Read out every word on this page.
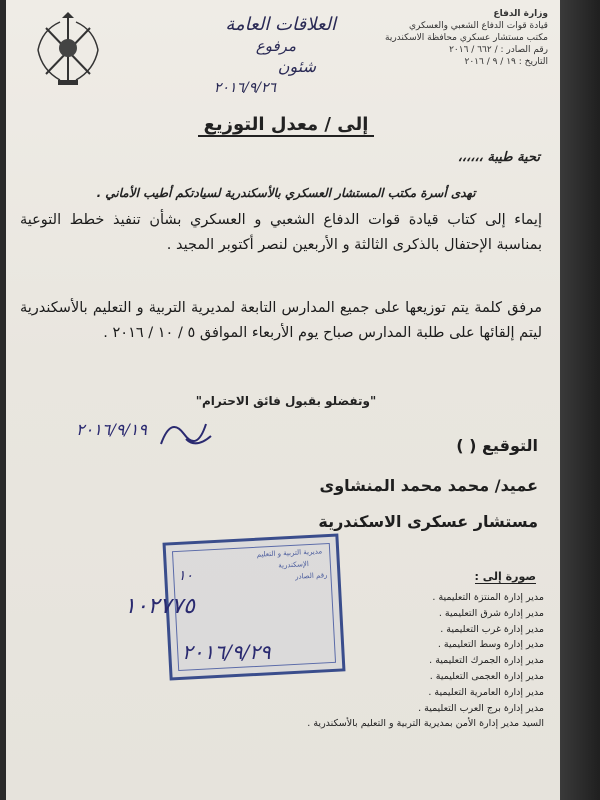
وزارة الدفاع
قيادة قوات الدفاع الشعبي والعسكري
مكتب مستشار عسكري محافظة الاسكندرية
رقم الصادر : / ٦٦٢ / ٢٠١٦
التاريخ : ١٩ / ٩ / ٢٠١٦
العلاقات العامة
مرفوع
شئون
٢٠١٦/٩/٢٦
إلى / معدل التوزيع
تحية طيبة ،،،،،،
تهدى أسرة مكتب المستشار العسكري بالأسكندرية لسيادتكم أطيب الأماني .
إيماء إلى كتاب قيادة قوات الدفاع الشعبي و العسكري بشأن تنفيذ خطط التوعية بمناسبة الإحتفال بالذكرى الثالثة و الأربعين لنصر أكتوبر المجيد .
مرفق كلمة يتم توزيعها على جميع المدارس التابعة لمديرية التربية و التعليم بالأسكندرية ليتم إلقائها على طلبة المدارس صباح يوم الأربعاء الموافق ٥ / ١٠ / ٢٠١٦ .
"وتفضلو بقبول فائق الاحترام"
التوقيع ( )
٢٠١٦/٩/١٩
عميد/ محمد محمد المنشاوى
مستشار عسكرى الاسكندرية
مديرية التربية و التعليم
الإسكندرية
رقم الصادر
١٠
١٠٢٧٧٥
٢٠١٦/٩/٢٩
صورة إلى :
مدير إدارة المنتزة التعليمية .
مدير إدارة شرق التعليمية .
مدير إدارة غرب التعليمية .
مدير إدارة وسط التعليمية .
مدير إدارة الجمرك التعليمية .
مدير إدارة العجمى التعليمية .
مدير إدارة العامرية التعليمية .
مدير إدارة برج العرب التعليمية .
السيد مدير إدارة الأمن بمديرية التربية و التعليم بالأسكندرية .
